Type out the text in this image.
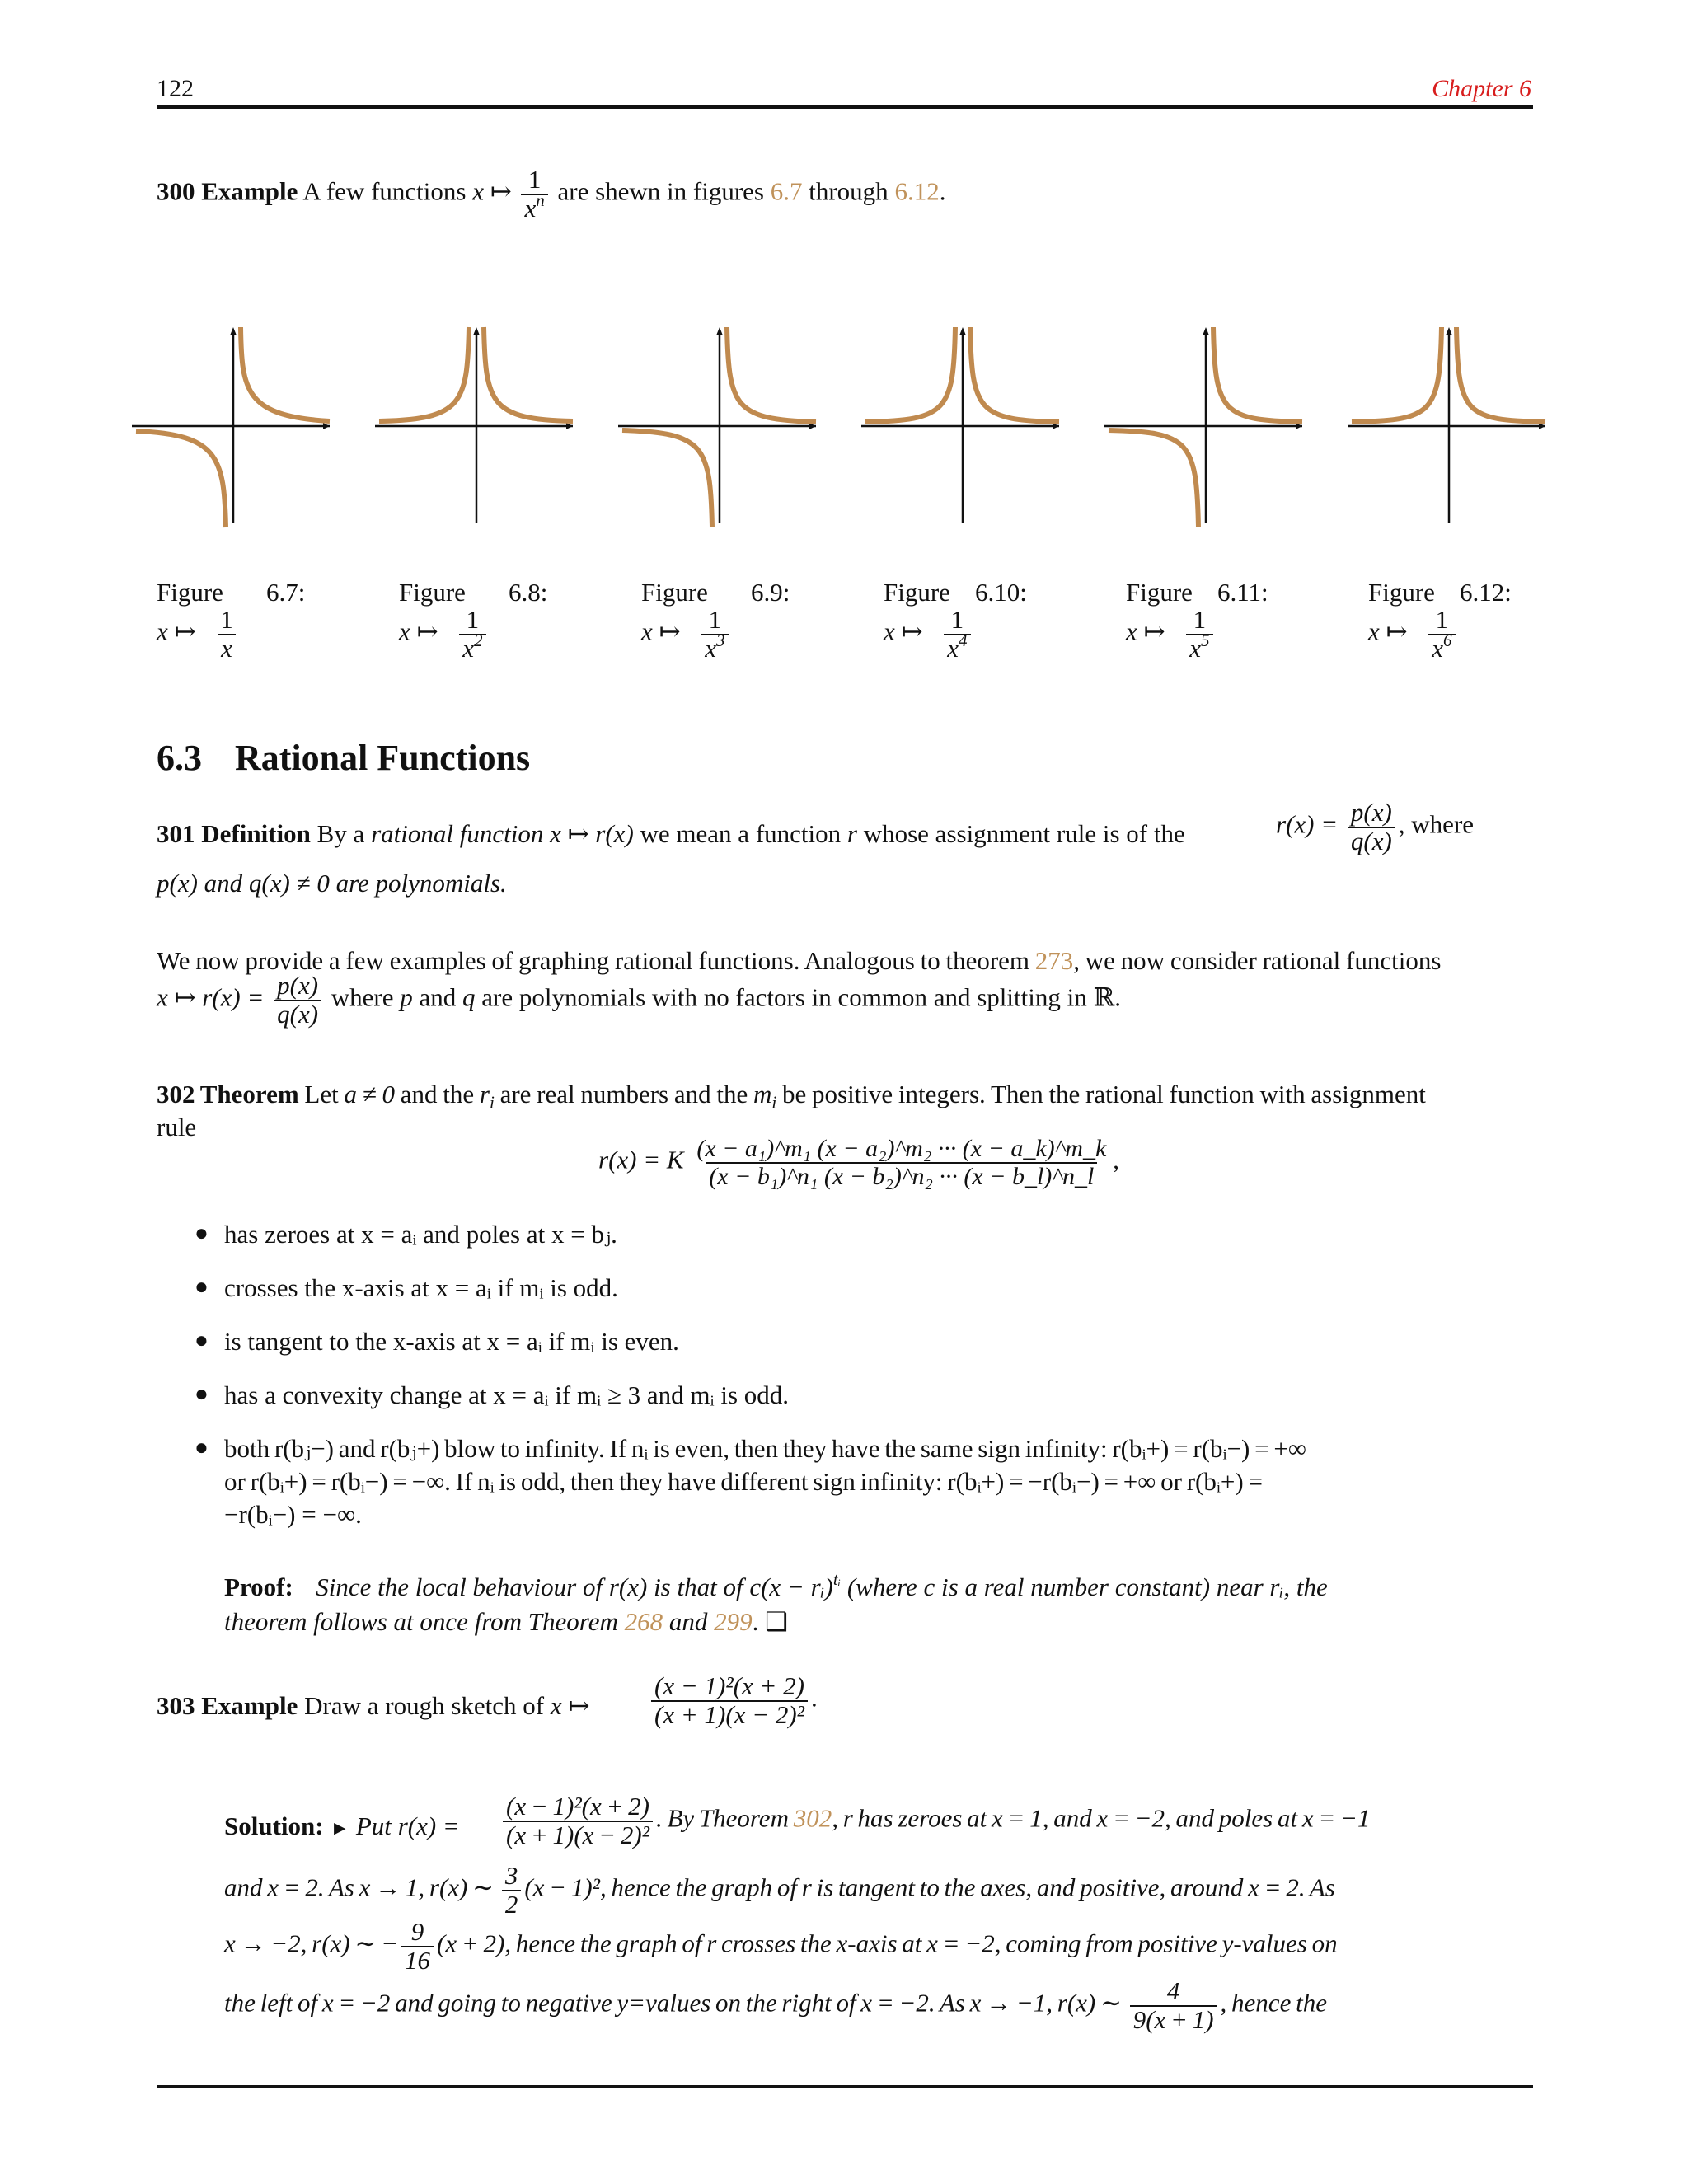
122	Chapter 6
300 Example A few functions x ↦ $\frac{1}{x^n}$ are shewn in figures 6.7 through 6.12.
Figure 6.7:
x ↦ $\frac{1}{x}$
Figure 6.8:
x ↦ $\frac{1}{x^2}$
Figure 6.9:
x ↦ $\frac{1}{x^3}$
Figure 6.10:
x ↦ $\frac{1}{x^4}$
Figure 6.11:
x ↦ $\frac{1}{x^5}$
Figure 6.12:
x ↦ $\frac{1}{x^6}$
6.3 Rational Functions
301 Definition By a rational function x ↦ r(x) we mean a function r whose assignment rule is of the	$r(x) = \frac{p(x)}{q(x)}$ , where
p(x) and q(x) ≠ 0 are polynomials.
We now provide a few examples of graphing rational functions. Analogous to theorem 273, we now consider rational functions
x ↦ $r(x) = \frac{p(x)}{q(x)}$ where p and q are polynomials with no factors in common and splitting in ℝ.
302 Theorem Let a ≠ 0 and the $r_i$ are real numbers and the $m_i$ be positive integers. Then the rational function with assignment
rule
r(x) = K $\frac{\text{(x − a₁)\textasciicircum{}m₁ (x − a₂)\textasciicircum{}m₂ ··· (x − a\_k)\textasciicircum{}m\_k}}{\text{(x − b₁)\textasciicircum{}n₁ (x − b₂)\textasciicircum{}n₂ ··· (x − b\_l)\textasciicircum{}n\_l}}$ ,
● has zeroes at x = aᵢ and poles at x = bⱼ.
● crosses the x-axis at x = aᵢ if mᵢ is odd.
● is tangent to the x-axis at x = aᵢ if mᵢ is even.
● has a convexity change at x = aᵢ if mᵢ ≥ 3 and mᵢ is odd.
● both r(bⱼ−) and r(bⱼ+) blow to infinity. If nᵢ is even, then they have the same sign infinity: r(bᵢ+) = r(bᵢ−) = +∞
or r(bᵢ+) = r(bᵢ−) = −∞. If nᵢ is odd, then they have different sign infinity: r(bᵢ+) = −r(bᵢ−) = +∞ or r(bᵢ+) =
−r(bᵢ−) = −∞.
Proof: Since the local behaviour of r(x) is that of c(x − rᵢ)$^{tᵢ}$ (where c is a real number constant) near rᵢ, the
theorem follows at once from Theorem 268 and 299. ❑
303 Example Draw a rough sketch of x ↦ $\frac{\text{(x − 1)²(x + 2)}}{\text{(x + 1)(x − 2)²}}$ .
Solution: ► Put $r(x) = \frac{\text{(x − 1)²(x + 2)}}{\text{(x + 1)(x − 2)²}}$ . By Theorem 302, r has zeroes at x = 1, and x = −2, and poles at x = −1
and x = 2. As x → 1, r(x) ∼ $\frac{3}{2} (x - 1)^2$, hence the graph of r is tangent to the axes, and positive, around x = 2. As
x → −2, r(x) ∼ − $\frac{9}{16} (x + 2)$, hence the graph of r crosses the x-axis at x = −2, coming from positive y-values on
the left of x = −2 and going to negative y=values on the right of x = −2. As x → −1, r(x) ∼ $\frac{4}{9(x + 1)}$ , hence the
